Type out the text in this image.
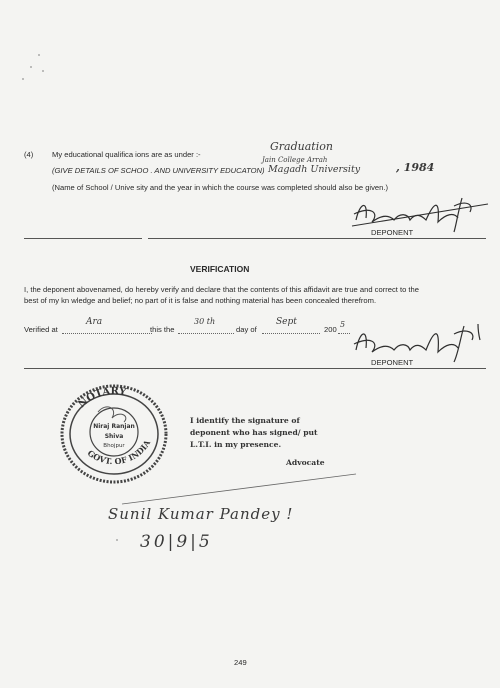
(4) My educational qualifica ions are as under :-
Graduation
Jain College Arrah
(GIVE DETAILS OF SCHOO . AND UNIVERSITY EDUCATON) Magadh University	, 1984
(Name of School / Unive sity and the year in which the course was completed should also be given.)
DEPONENT
VERIFICATION
I, the deponent abovenamed, do hereby verify and declare that the contents of this affidavit are true and correct to the best of my kn wledge and belief; no part of it is false and nothing material has been concealed therefrom.
Verified at
Ara
this the
30 th
day of
Sept
200
5
DEPONENT
NOTARY
GOVT. OF INDIA
Niraj Ranjan
Shiva
Bhojpur
I identify the signature of deponent who has signed/ put L.T.I. in my presence.
Advocate
Sunil Kumar Pandey !
30|9|5
249
